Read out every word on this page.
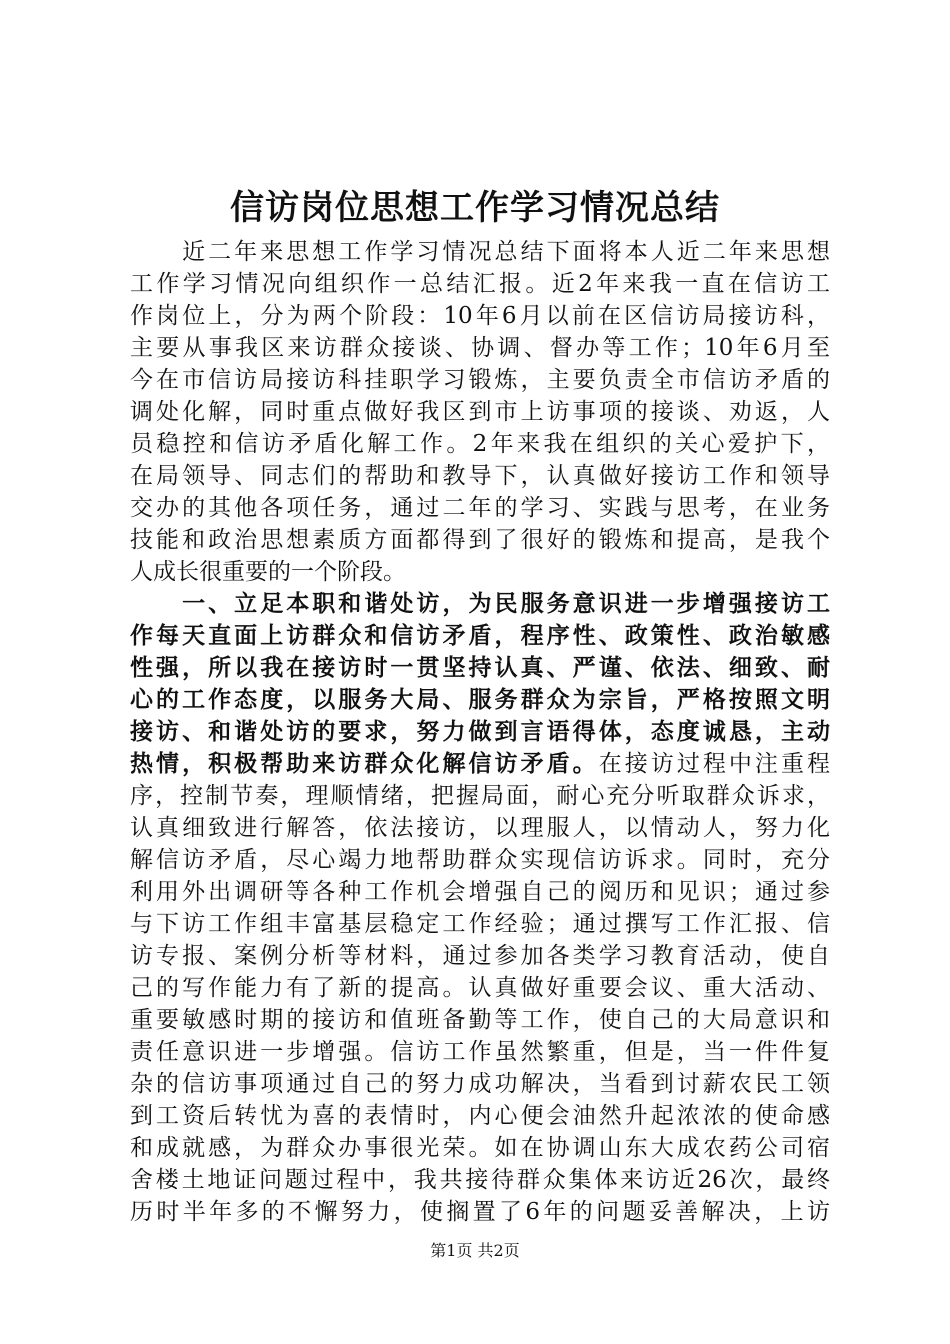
信访岗位思想工作学习情况总结
　　近二年来思想工作学习情况总结下面将本人近二年来思想
工作学习情况向组织作一总结汇报。近2年来我一直在信访工
作岗位上，分为两个阶段：10年6月以前在区信访局接访科，
主要从事我区来访群众接谈、协调、督办等工作；10年6月至
今在市信访局接访科挂职学习锻炼，主要负责全市信访矛盾的
调处化解，同时重点做好我区到市上访事项的接谈、劝返，人
员稳控和信访矛盾化解工作。2年来我在组织的关心爱护下，
在局领导、同志们的帮助和教导下，认真做好接访工作和领导
交办的其他各项任务，通过二年的学习、实践与思考，在业务
技能和政治思想素质方面都得到了很好的锻炼和提高，是我个
人成长很重要的一个阶段。
　　一、立足本职和谐处访，为民服务意识进一步增强接访工
作每天直面上访群众和信访矛盾，程序性、政策性、政治敏感
性强，所以我在接访时一贯坚持认真、严谨、依法、细致、耐
心的工作态度，以服务大局、服务群众为宗旨，严格按照文明
接访、和谐处访的要求，努力做到言语得体，态度诚恳，主动
热情，积极帮助来访群众化解信访矛盾。在接访过程中注重程
序，控制节奏，理顺情绪，把握局面，耐心充分听取群众诉求，
认真细致进行解答，依法接访，以理服人，以情动人，努力化
解信访矛盾，尽心竭力地帮助群众实现信访诉求。同时，充分
利用外出调研等各种工作机会增强自己的阅历和见识；通过参
与下访工作组丰富基层稳定工作经验；通过撰写工作汇报、信
访专报、案例分析等材料，通过参加各类学习教育活动，使自
己的写作能力有了新的提高。认真做好重要会议、重大活动、
重要敏感时期的接访和值班备勤等工作，使自己的大局意识和
责任意识进一步增强。信访工作虽然繁重，但是，当一件件复
杂的信访事项通过自己的努力成功解决，当看到讨薪农民工领
到工资后转忧为喜的表情时，内心便会油然升起浓浓的使命感
和成就感，为群众办事很光荣。如在协调山东大成农药公司宿
舍楼土地证问题过程中，我共接待群众集体来访近26次，最终
历时半年多的不懈努力，使搁置了6年的问题妥善解决，上访
第1页 共2页
